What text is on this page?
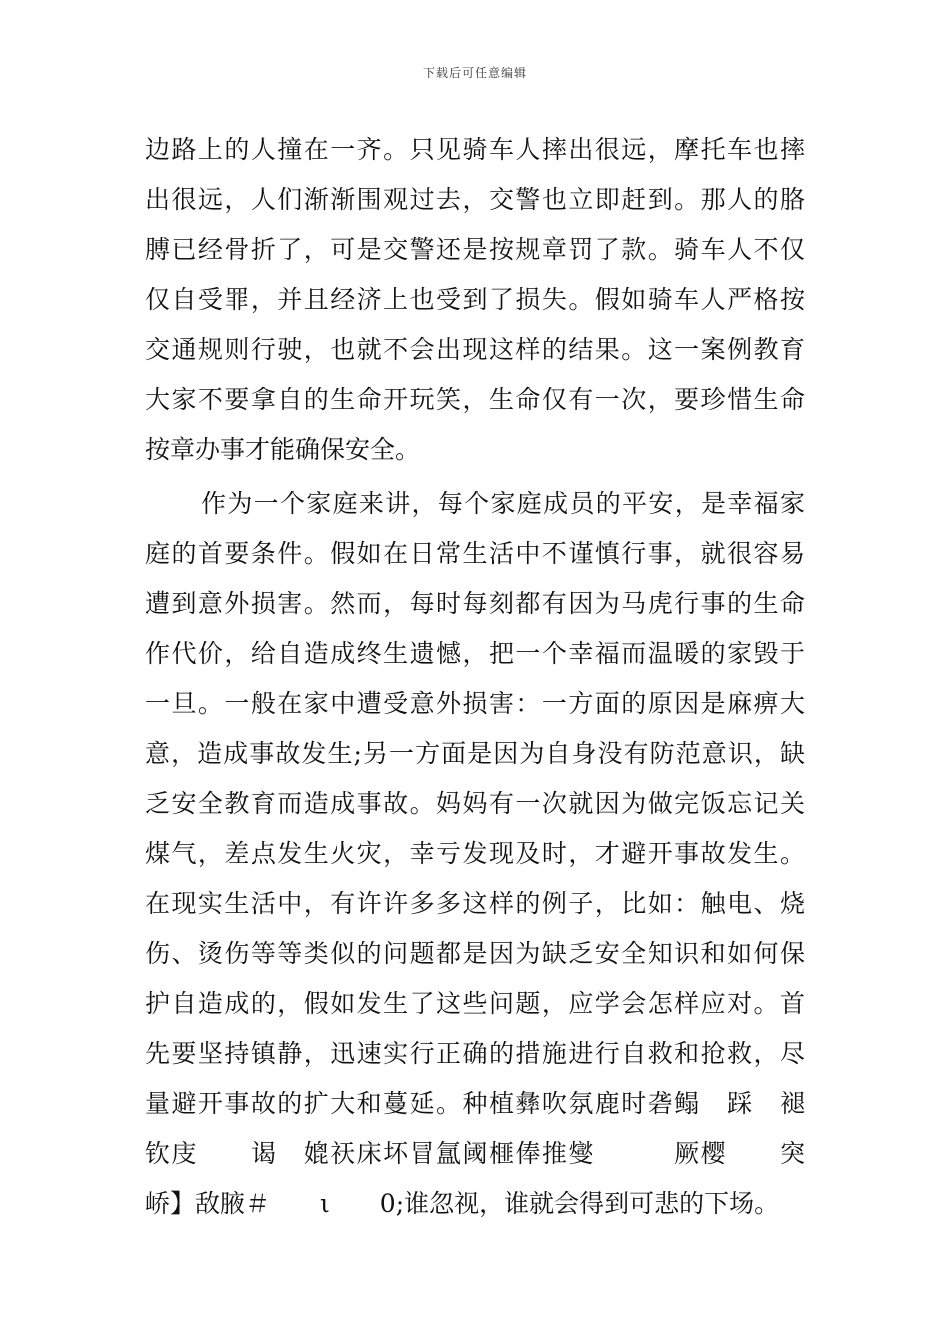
下载后可任意编辑
边路上的人撞在一齐。只见骑车人摔出很远，摩托车也摔
出很远，人们渐渐围观过去，交警也立即赶到。那人的胳
膊已经骨折了，可是交警还是按规章罚了款。骑车人不仅
仅自受罪，并且经济上也受到了损失。假如骑车人严格按
交通规则行驶，也就不会出现这样的结果。这一案例教育
大家不要拿自的生命开玩笑，生命仅有一次，要珍惜生命
按章办事才能确保安全。
作为一个家庭来讲，每个家庭成员的平安，是幸福家
庭的首要条件。假如在日常生活中不谨慎行事，就很容易
遭到意外损害。然而，每时每刻都有因为马虎行事的生命
作代价，给自造成终生遗憾，把一个幸福而温暖的家毁于
一旦。一般在家中遭受意外损害：一方面的原因是麻痹大
意，造成事故发生;另一方面是因为自身没有防范意识，缺
乏安全教育而造成事故。妈妈有一次就因为做完饭忘记关
煤气，差点发生火灾，幸亏发现及时，才避开事故发生。
在现实生活中，有许许多多这样的例子，比如：触电、烧
伤、烫伤等等类似的问题都是因为缺乏安全知识和如何保
护自造成的，假如发生了这些问题，应学会怎样应对。首
先要坚持镇静，迅速实行正确的措施进行自救和抢救，尽
量避开事故的扩大和蔓延。种植彝吹氛鹿时砻鳎　踩　褪
钦庋　　谒　媲祆床坏冒氲阈榧俸推燮　　　厥樱　　突
峤】敌腋＃　　ι　　0;谁忽视，谁就会得到可悲的下场。
